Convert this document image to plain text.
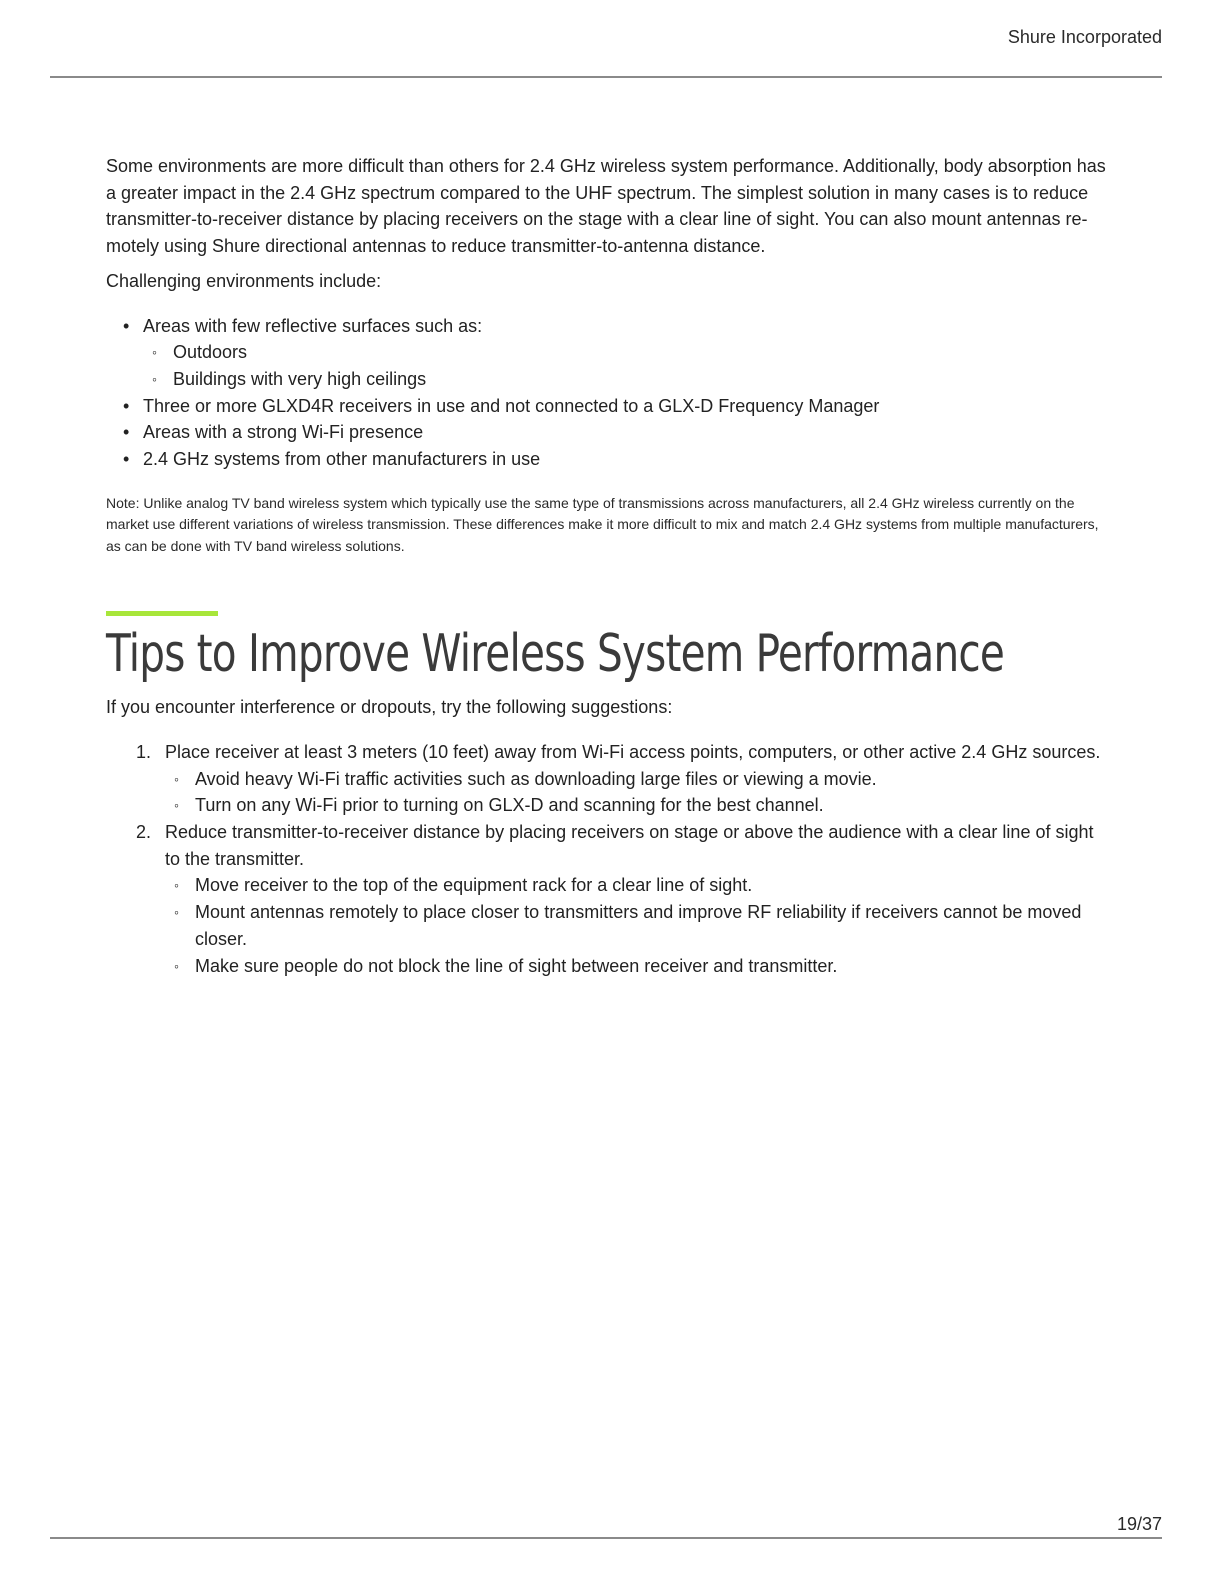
Shure Incorporated

Some environments are more difficult than others for 2.4 GHz wireless system performance. Additionally, body absorption has a greater impact in the 2.4 GHz spectrum compared to the UHF spectrum. The simplest solution in many cases is to reduce transmitter-to-receiver distance by placing receivers on the stage with a clear line of sight. You can also mount antennas remotely using Shure directional antennas to reduce transmitter-to-antenna distance.

Challenging environments include:

• Areas with few reflective surfaces such as:
◦ Outdoors
◦ Buildings with very high ceilings
• Three or more GLXD4R receivers in use and not connected to a GLX-D Frequency Manager
• Areas with a strong Wi-Fi presence
• 2.4 GHz systems from other manufacturers in use

Note: Unlike analog TV band wireless system which typically use the same type of transmissions across manufacturers, all 2.4 GHz wireless currently on the market use different variations of wireless transmission. These differences make it more difficult to mix and match 2.4 GHz systems from multiple manufacturers, as can be done with TV band wireless solutions.

Tips to Improve Wireless System Performance

If you encounter interference or dropouts, try the following suggestions:

1. Place receiver at least 3 meters (10 feet) away from Wi-Fi access points, computers, or other active 2.4 GHz sources.
◦ Avoid heavy Wi-Fi traffic activities such as downloading large files or viewing a movie.
◦ Turn on any Wi-Fi prior to turning on GLX-D and scanning for the best channel.
2. Reduce transmitter-to-receiver distance by placing receivers on stage or above the audience with a clear line of sight to the transmitter.
◦ Move receiver to the top of the equipment rack for a clear line of sight.
◦ Mount antennas remotely to place closer to transmitters and improve RF reliability if receivers cannot be moved closer.
◦ Make sure people do not block the line of sight between receiver and transmitter.
19/37
